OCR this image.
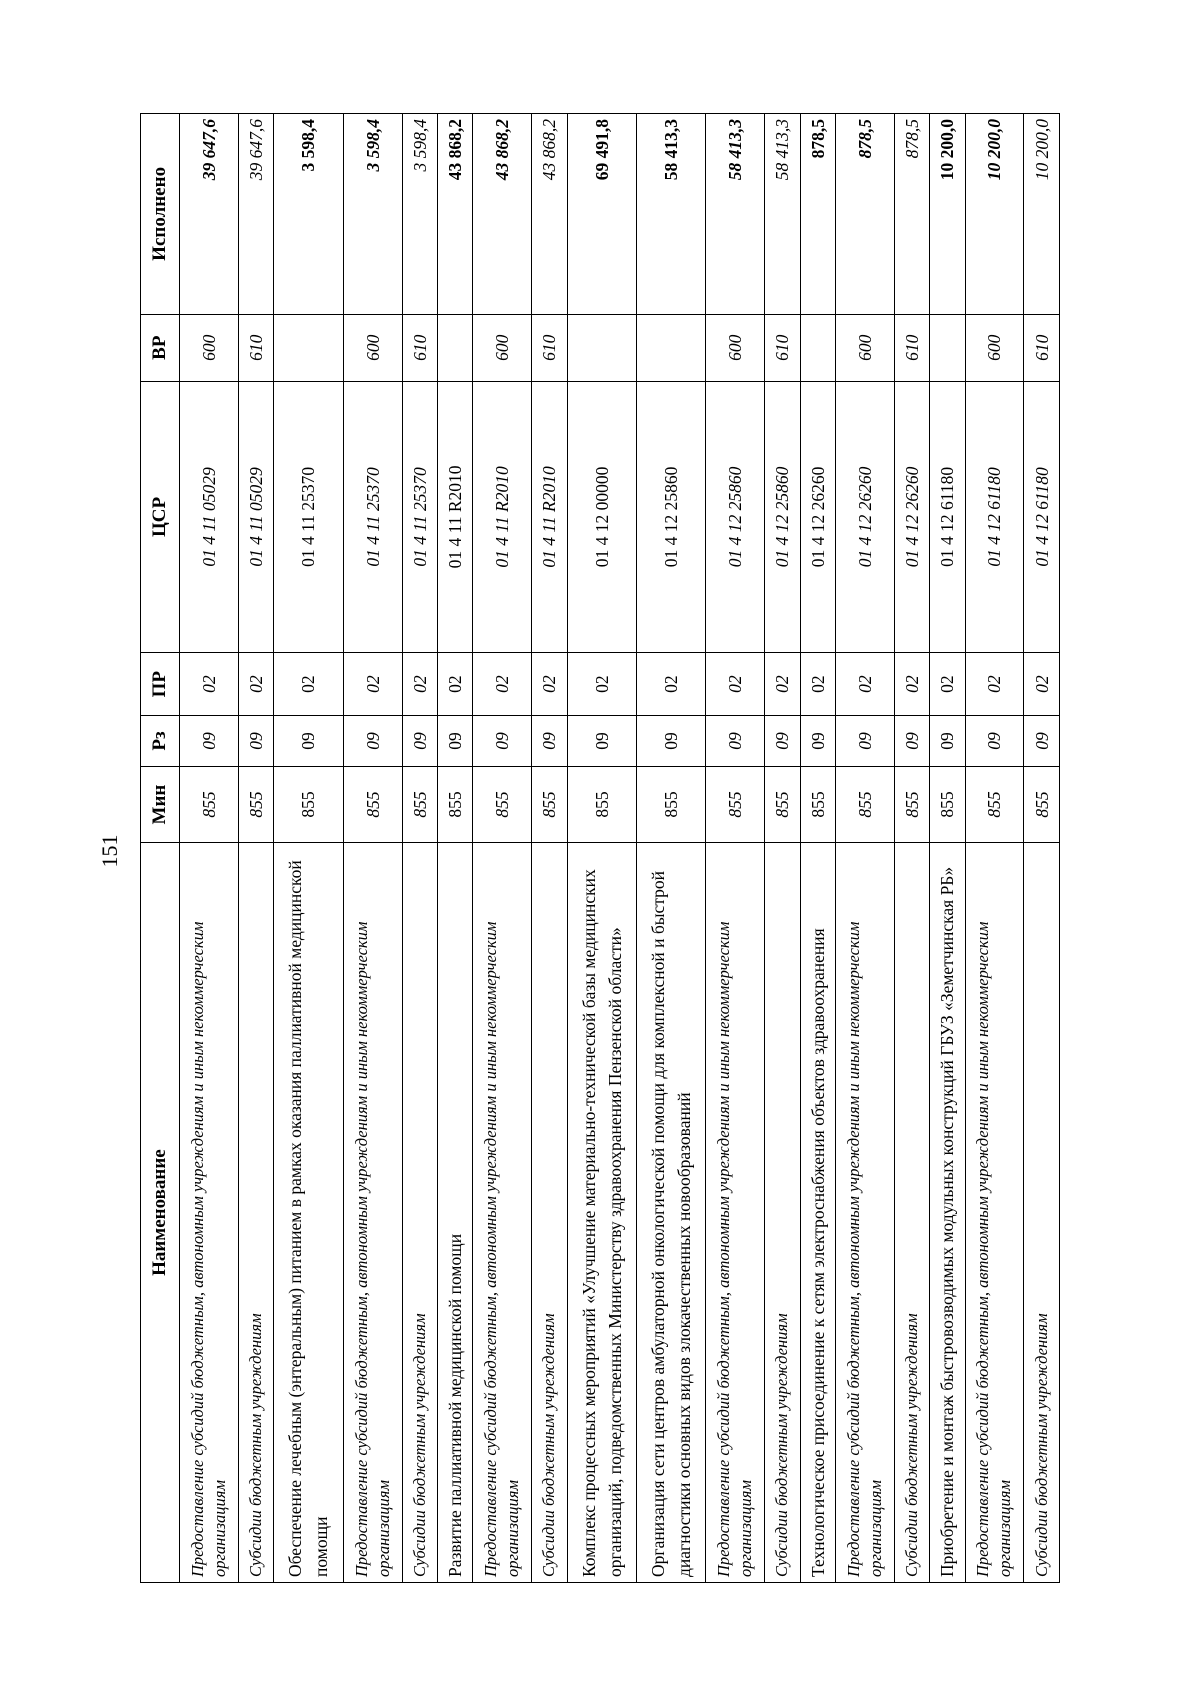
151
Наименование	Мин	Рз	ПР	ЦСР	ВР	Исполнено
Предоставление субсидий бюджетным, автономным учреждениям и иным некоммерческим организациям	855	09	02	01 4 11 05029	600	39 647,6
Субсидии бюджетным учреждениям	855	09	02	01 4 11 05029	610	39 647,6
Обеспечение лечебным (энтеральным) питанием в рамках оказания паллиативной медицинской помощи	855	09	02	01 4 11 25370		3 598,4
Предоставление субсидий бюджетным, автономным учреждениям и иным некоммерческим организациям	855	09	02	01 4 11 25370	600	3 598,4
Субсидии бюджетным учреждениям	855	09	02	01 4 11 25370	610	3 598,4
Развитие паллиативной медицинской помощи	855	09	02	01 4 11 R2010		43 868,2
Предоставление субсидий бюджетным, автономным учреждениям и иным некоммерческим организациям	855	09	02	01 4 11 R2010	600	43 868,2
Субсидии бюджетным учреждениям	855	09	02	01 4 11 R2010	610	43 868,2
Комплекс процессных мероприятий «Улучшение материально-технической базы медицинских организаций, подведомственных Министерству здравоохранения Пензенской области»	855	09	02	01 4 12 00000		69 491,8
Организация сети центров амбулаторной онкологической помощи для комплексной и быстрой диагностики основных видов злокачественных новообразований	855	09	02	01 4 12 25860		58 413,3
Предоставление субсидий бюджетным, автономным учреждениям и иным некоммерческим организациям	855	09	02	01 4 12 25860	600	58 413,3
Субсидии бюджетным учреждениям	855	09	02	01 4 12 25860	610	58 413,3
Технологическое присоединение к сетям электроснабжения объектов здравоохранения	855	09	02	01 4 12 26260		878,5
Предоставление субсидий бюджетным, автономным учреждениям и иным некоммерческим организациям	855	09	02	01 4 12 26260	600	878,5
Субсидии бюджетным учреждениям	855	09	02	01 4 12 26260	610	878,5
Приобретение и монтаж быстровозводимых модульных конструкций ГБУЗ «Земетчинская РБ»	855	09	02	01 4 12 61180		10 200,0
Предоставление субсидий бюджетным, автономным учреждениям и иным некоммерческим организациям	855	09	02	01 4 12 61180	600	10 200,0
Субсидии бюджетным учреждениям	855	09	02	01 4 12 61180	610	10 200,0
